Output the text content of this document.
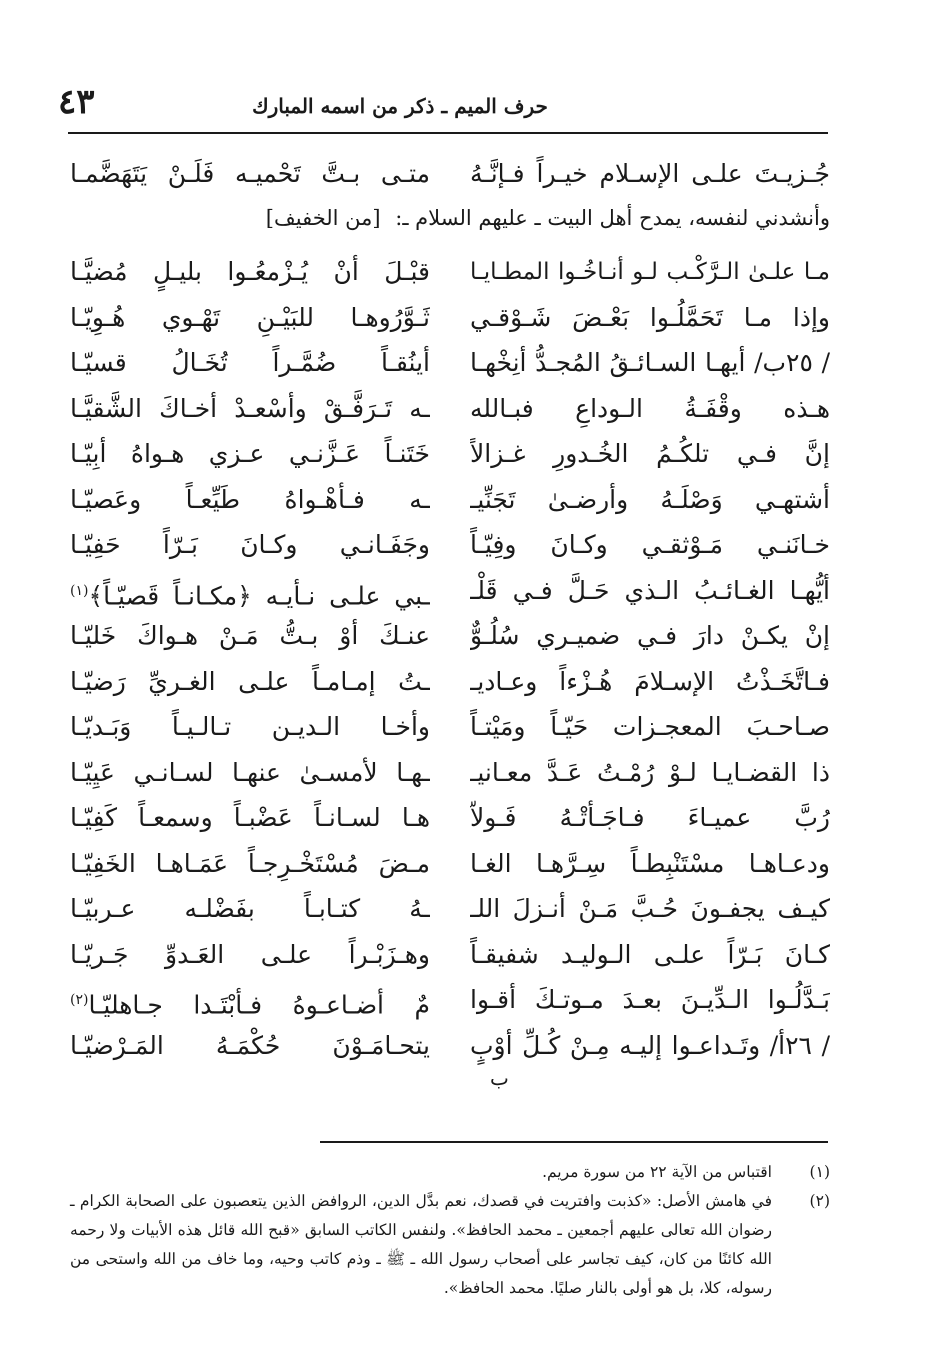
٤٣	حرف الميم ـ ذكر من اسمه المبارك
جُـزيـتَ علـى الإسـلام خيـراً فـإنَّـهُ
متـى بـتَّ تَحْميـه فَلَـنْ يَتَهَضَّمـا
وأنشدني لنفسه، يمدح أهل البيت ـ عليهم السلام ـ: [من الخفيف]
مـا علـىٰ الـرَّكْـب لـو أنـاخُـوا المطـايـا
قبْـلَ أنْ يُـزْمعُـوا بليـلٍ مُضيَّـا
وإذا مـا تَحَمَّلُـوا بَعْـضَ شَـوْقـي
ثَـوَّرُوهـا للبَيْـنِ تَهْـوي هُـوِيّـا
/ ٢٥ب/ أيهـا السـائـقُ المُجـدُّ أنِخْهـا
أينُقـاً ضُمَّـراً تُخَـالُ قسيّـا
هـذه وقْفَـةُ الـوداعِ فبـالله
ـه تَـرَفَّـقْ وأسْعـدْ أخـاكَ الشَّقيَّـا
إنَّ فـي تلكُـمُ الخُـدورِ غـزالاً
خَتَنـاً عَـزَّنـي عـزي هـواهُ أبِيّـا
أشتهـي وَصْلَـهُ وأرضـىٰ تَجَنِّيـ
ـه فـأهْـواهُ طَيِّعـاً وعَصيّـا
خـانَنـي مَـوْثقـي وكـانَ وفِيّـاً
وجَفَـانـي وكـانَ بَـرّاً حَفِيّـا
أيُّهـا الغـائـبُ الـذي حَـلَّ فـي قَلْـ
ـبي علـى نـأيـه ﴿مكـانـاً قَصيّـاً﴾$^{(١)}$
إنْ يكـنْ دارَ فـي ضميـري سُلُـوٌّ
عنـكَ أوْ بـتُّ مَـنْ هـواكَ خَليّـا
فـاتَّخَـذْتُ الإسـلامَ هُـزْءاً وعـاديـ
ـتُ إمـامـاً علـى الغـريِّ رَضيّـا
صـاحـبَ المعجـزات حَيّـاً ومَيْتـاً
وأخـا الـديـن تـالـيـاً وَبَـديّـا
ذا القضـايـا لـوْ رُمْـتُ عَـدَّ معـانيـ
ـهـا لأمسـىٰ عنهـا لسـانـي عَيِيّـا
رُبَّ عميـاءَ فـاجَـأتْـهُ فَـولاّ
هـا لسـانـاً عَضْبـاً وسمعـاً كَفِيّـا
ودعـاهـا مسْتَنْبِطـاً سِـرَّهـا الغـا
مـضَ مُسْتَخْـرِجـاً عَمَـاهـا الخَفِيّـا
كيـف يجفـونَ حُـبَّ مَـنْ أنـزلَ اللـ
ـهُ كتـابـاً بفَضْلـه عـربيّـا
كـانَ بَـرّاً علـى الـوليـد شفيقـاً
وهـزَبْـراً علـى العَـدوِّ جَـريّـا
بَـدَّلُـوا الـدِّيـنَ بعـدَ مـوتـكَ أقـوا
مٌ أضـاعـوهُ فـأبْتَـدا جـاهليّـا$^{(٢)}$
/ ٢٦أ/ وتَـداعـوا إليـه مِـنْ كُـلِّ أوْبٍ
يتحـامَـوْنَ حُكْمَـهُ المَـرْضيّـا
ب
(١)
اقتباس من الآية ٢٢ من سورة مريم.
(٢)
في هامش الأصل: «كذبت وافتريت في قصدك، نعم بدَّل الدين، الروافض الذين يتعصبون على الصحابة الكرام ـ رضوان الله تعالى عليهم أجمعين ـ محمد الحافظ». ولنفس الكاتب السابق «قبح الله قائل هذه الأبيات ولا رحمه الله كائنًا من كان، كيف تجاسر على أصحاب رسول الله ـ ﷺ ـ وذم كاتب وحيه، وما خاف من الله واستحى من رسوله، كلا، بل هو أولى بالنار صليًا. محمد الحافظ».
